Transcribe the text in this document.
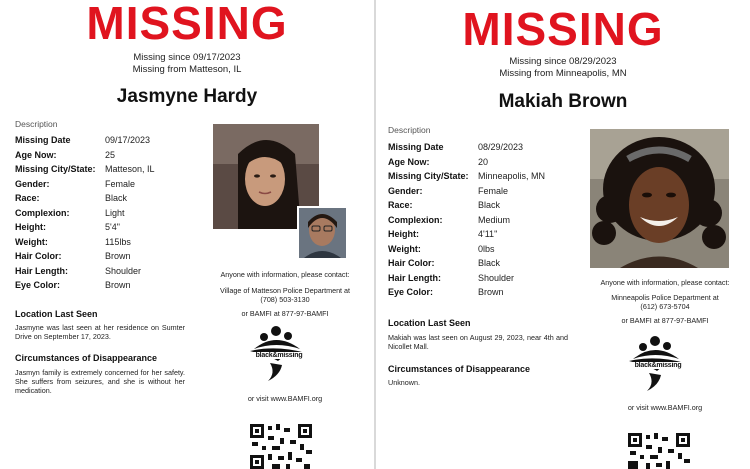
MISSING
Missing since 09/17/2023
Missing from Matteson, IL
Jasmyne Hardy
Description
Missing Date	09/17/2023
Age Now:	25
Missing City/State:	Matteson, IL
Gender:	Female
Race:	Black
Complexion:	Light
Height:	5'4"
Weight:	115lbs
Hair Color:	Brown
Hair Length:	Shoulder
Eye Color:	Brown
Location Last Seen
Jasmyne was last seen at her residence on Sumter Drive on September 17, 2023.
Circumstances of Disappearance
Jasmyn family is extremely concerned for her safety. She suffers from seizures, and she is without her medication.
Anyone with information, please contact:
Village of Matteson Police Department at
(708) 503-3130
or BAMFI at 877-97-BAMFI
black&missing
or visit www.BAMFI.org
MISSING
Missing since 08/29/2023
Missing from Minneapolis, MN
Makiah Brown
Description
Missing Date	08/29/2023
Age Now:	20
Missing City/State:	Minneapolis, MN
Gender:	Female
Race:	Black
Complexion:	Medium
Height:	4'11"
Weight:	0lbs
Hair Color:	Black
Hair Length:	Shoulder
Eye Color:	Brown
Location Last Seen
Makiah was last seen on August 29, 2023, near 4th and Nicollet Mall.
Circumstances of Disappearance
Unknown.
Anyone with information, please contact:
Minneapolis Police Department at
(612) 673-5704
or BAMFI at 877-97-BAMFI
black&missing
or visit www.BAMFI.org
